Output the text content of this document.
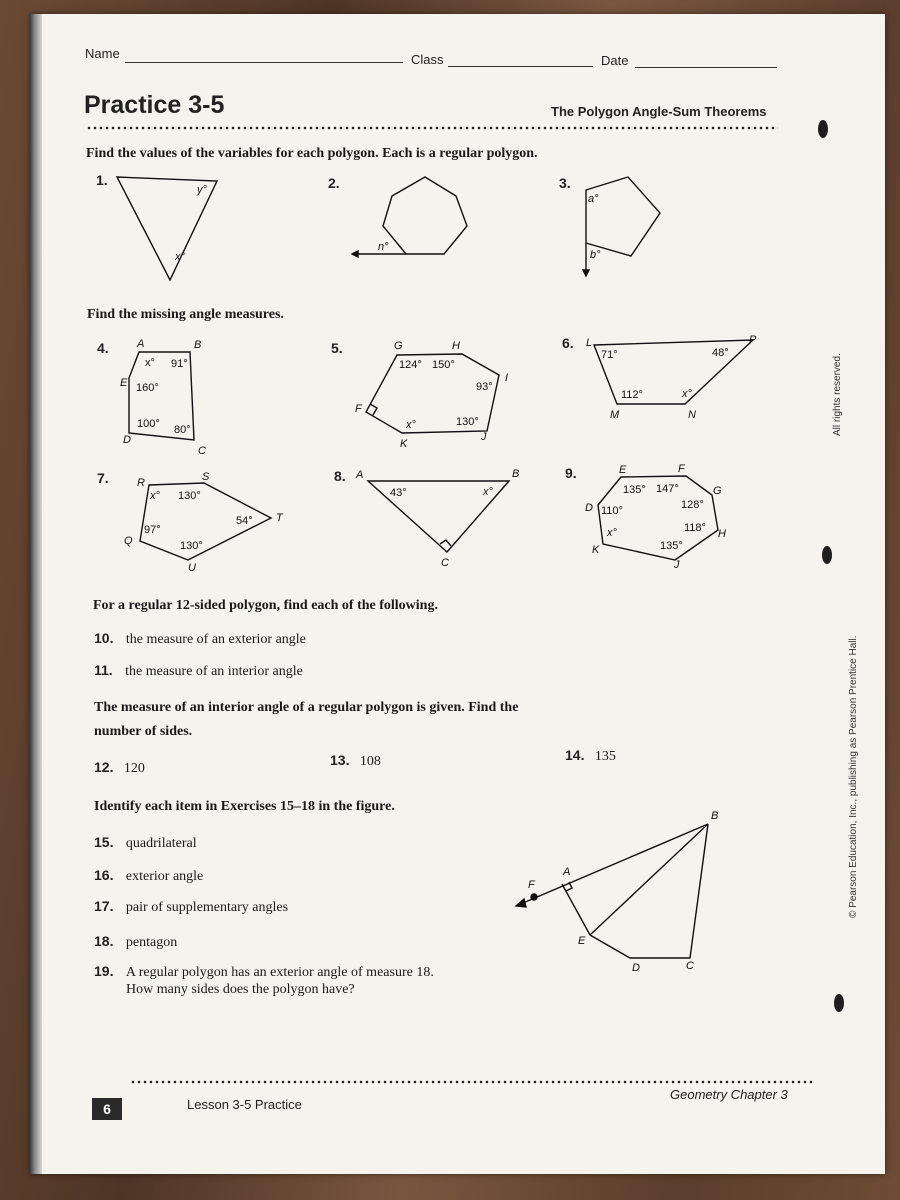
Name	Class	Date
Practice 3-5	The Polygon Angle-Sum Theorems
Find the values of the variables for each polygon. Each is a regular polygon.
Find the missing angle measures.
1.	2.	3.
4.	5.	6.
7.	8.	9.
y°
x°
n°
a°
b°
A	B
C
D
E
x° 91°
160°
100° 80°
G	H
I
J
K
F
124° 150°
93°
130°
x°
L	P
M	N
71°	48°
112°	x°
R	S
T
U
Q
x° 130°
54°
97°
130°
A	B
C
43°	x°
E	F
G
H
J
K
D
135° 147°
128°
110°
118°
x°
135°
B
A
F
E
D	C
For a regular 12-sided polygon, find each of the following.
10. the measure of an exterior angle
11. the measure of an interior angle
The measure of an interior angle of a regular polygon is given. Find the
number of sides.
12. 120
13. 108	14. 135
Identify each item in Exercises 15–18 in the figure.
15. quadrilateral
16. exterior angle
17. pair of supplementary angles
18. pentagon
19. A regular polygon has an exterior angle of measure 18.
How many sides does the polygon have?
6	Lesson 3-5 Practice
Geometry Chapter 3
All rights reserved.
© Pearson Education, Inc., publishing as Pearson Prentice Hall.
